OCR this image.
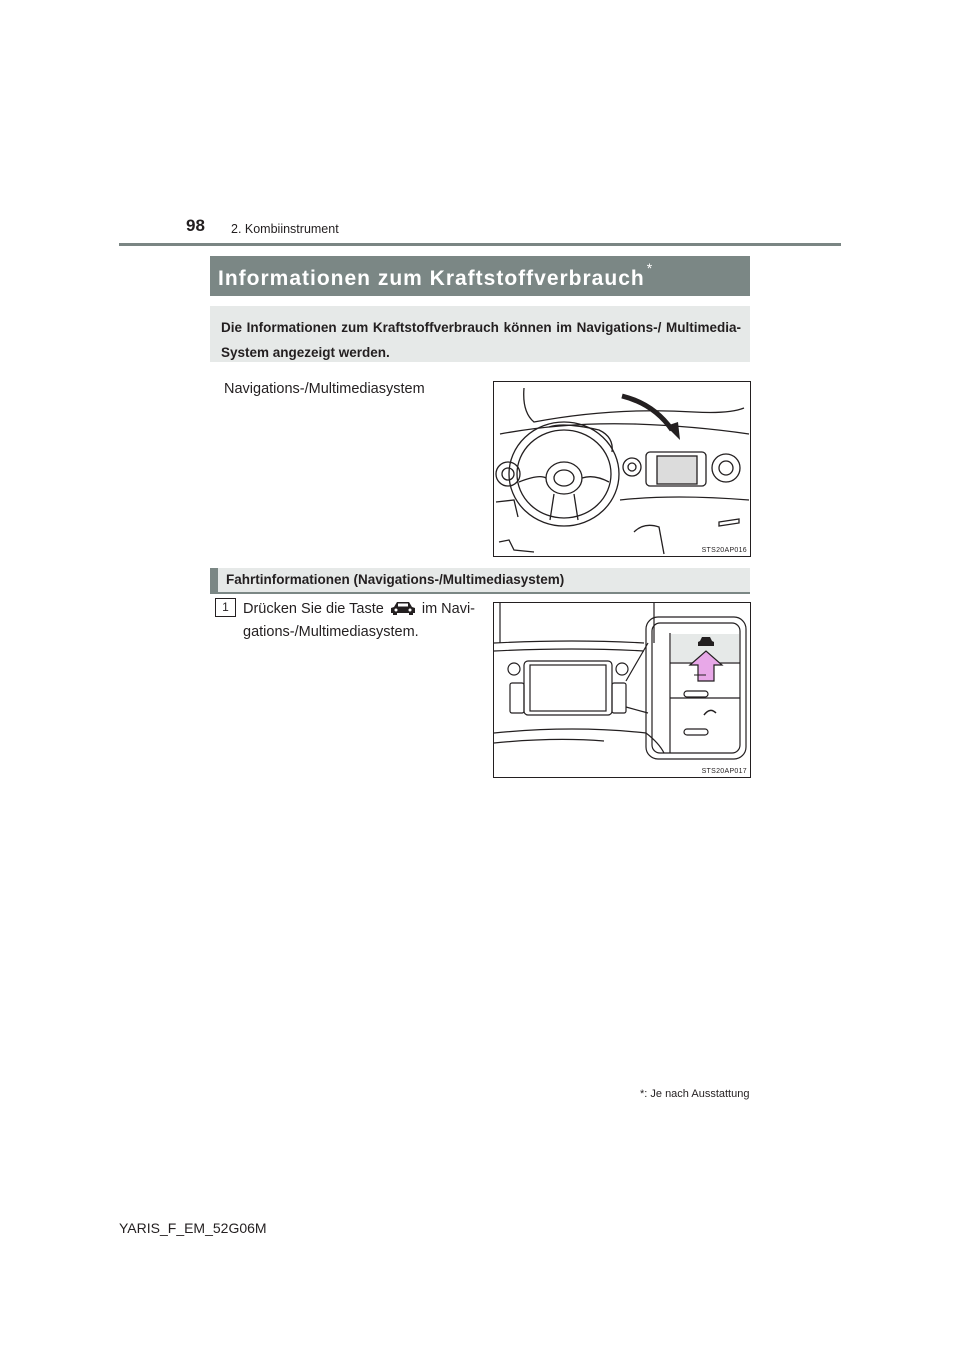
98 2. Kombiinstrument
Informationen zum Kraftstoffverbrauch *
Die Informationen zum Kraftstoffverbrauch können im Navigations-/ Multimedia-System angezeigt werden.
Navigations-/Multimediasystem
STS20AP016
Fahrtinformationen (Navigations-/Multimediasystem)
1 Drücken Sie die Taste	im Navi-gations-/Multimediasystem.
STS20AP017
*: Je nach Ausstattung
YARIS_F_EM_52G06M
